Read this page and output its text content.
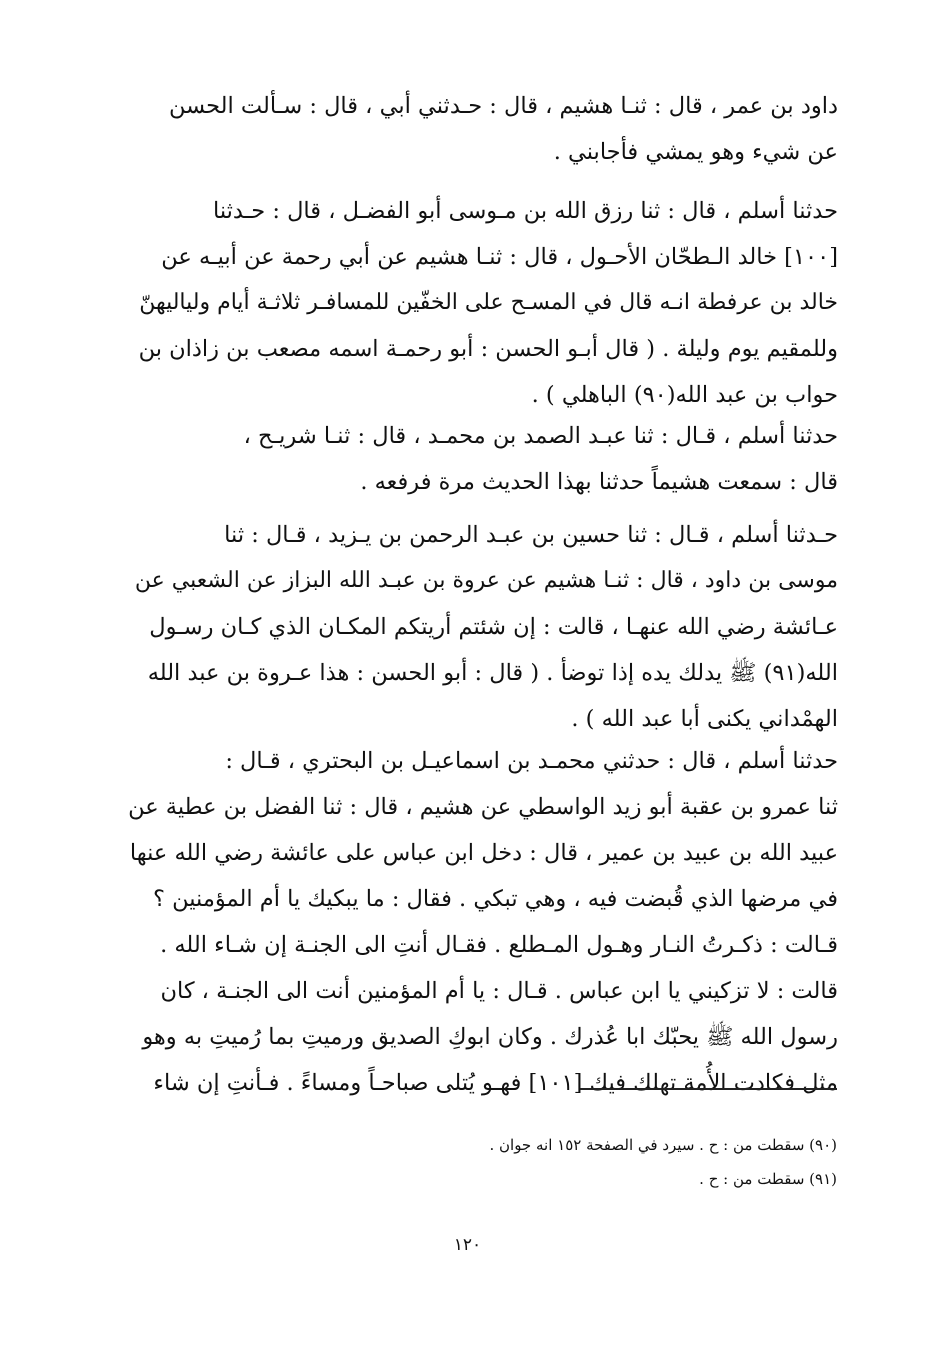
داود بن عمر ، قال : ثنـا هشيم ، قال : حـدثني أبي ، قال : سـألت الحسن
عن شيء وهو يمشي فأجابني .
حدثنا أسلم ، قال : ثنا رزق الله بن مـوسى أبو الفضـل ، قال : حـدثنا
[١٠٠] خالد الـطحّان الأحـول ، قال : ثنـا هشيم عن أبي رحمة عن أبيـه عن
خالد بن عرفطة انـه قال في المسـح على الخفّين للمسافـر ثلاثـة أيام ولياليهنّ
وللمقيم يوم وليلة . ( قال أبـو الحسن : أبو رحمـة اسمه مصعب بن زاذان بن
حواب بن عبد الله(٩٠) الباهلي ) .
حدثنا أسلم ، قـال : ثنا عبـد الصمد بن محمـد ، قال : ثنـا شريـح ،
قال : سمعت هشيماً حدثنا بهذا الحديث مرة فرفعه .
حـدثنا أسلم ، قـال : ثنا حسين بن عبـد الرحمن بن يـزيد ، قـال : ثنا
موسى بن داود ، قال : ثنـا هشيم عن عروة بن عبـد الله البزاز عن الشعبي عن
عـائشة رضي الله عنهـا ، قالت : إن شئتم أريتكم المكـان الذي كـان رسـول
الله(٩١) ﷺ يدلك يده إذا توضأ . ( قال : أبو الحسن : هذا عـروة بن عبد الله
الهمْداني يكنى أبا عبد الله ) .
حدثنا أسلم ، قال : حدثني محمـد بن اسماعيـل بن البحتري ، قـال :
ثنا عمرو بن عقبة أبو زيد الواسطي عن هشيم ، قال : ثنا الفضل بن عطية عن
عبيد الله بن عبيد بن عمير ، قال : دخل ابن عباس على عائشة رضي الله عنها
في مرضها الذي قُبضت فيه ، وهي تبكي . فقال : ما يبكيك يا أم المؤمنين ؟
قـالت : ذكـرتُ النـار وهـول المـطلع . فقـال أنتِ الى الجنـة إن شـاء الله .
قالت : لا تزكيني يا ابن عباس . قـال : يا أم المؤمنين أنت الى الجنـة ، كان
رسول الله ﷺ يحبّك ابا عُذرك . وكان ابوكِ الصديق ورميتِ بما رُميتِ به وهو
مثل فكادت الأُمة تهلك فيك [١٠١] فهـو يُتلى صباحـاً ومساءً . فـأنتِ إن شاء
(٩٠) سقطت من : ح . سيرد في الصفحة ١٥٢ انه جوان .
(٩١) سقطت من : ح .
١٢٠
